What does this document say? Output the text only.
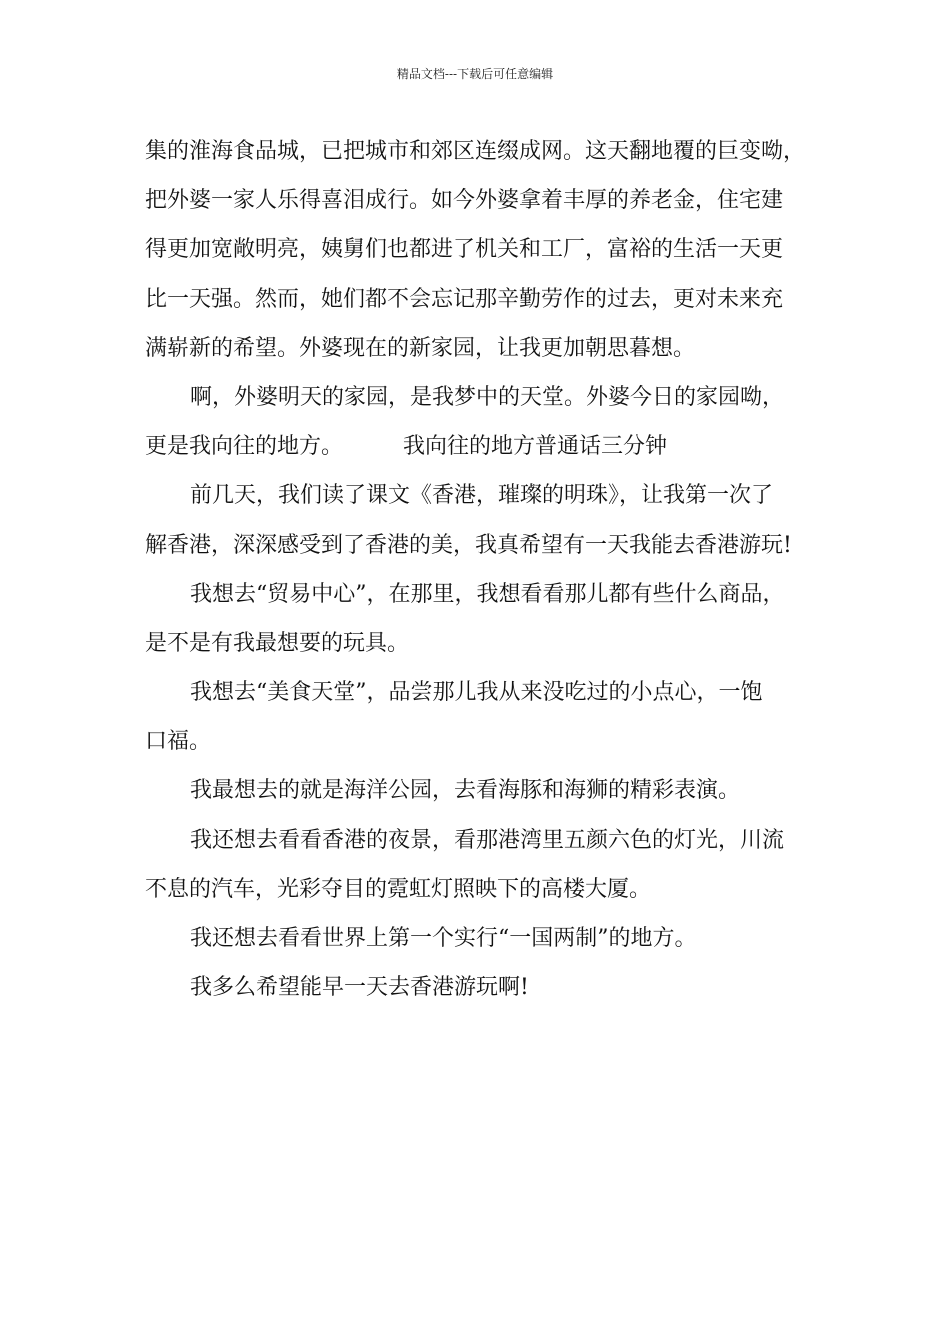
精品文档---下载后可任意编辑
集的淮海食品城，已把城市和郊区连缀成网。这天翻地覆的巨变呦，
把外婆一家人乐得喜泪成行。如今外婆拿着丰厚的养老金，住宅建
得更加宽敞明亮，姨舅们也都进了机关和工厂，富裕的生活一天更
比一天强。然而，她们都不会忘记那辛勤劳作的过去，更对未来充
满崭新的希望。外婆现在的新家园，让我更加朝思暮想。
啊，外婆明天的家园，是我梦中的天堂。外婆今日的家园呦，
更是我向往的地方。	我向往的地方普通话三分钟
前几天，我们读了课文《香港，璀璨的明珠》，让我第一次了
解香港，深深感受到了香港的美，我真希望有一天我能去香港游玩!
我想去“贸易中心”，在那里，我想看看那儿都有些什么商品，
是不是有我最想要的玩具。
我想去“美食天堂”，品尝那儿我从来没吃过的小点心，一饱
口福。
我最想去的就是海洋公园，去看海豚和海狮的精彩表演。
我还想去看看香港的夜景，看那港湾里五颜六色的灯光，川流
不息的汽车，光彩夺目的霓虹灯照映下的高楼大厦。
我还想去看看世界上第一个实行“一国两制”的地方。
我多么希望能早一天去香港游玩啊!
